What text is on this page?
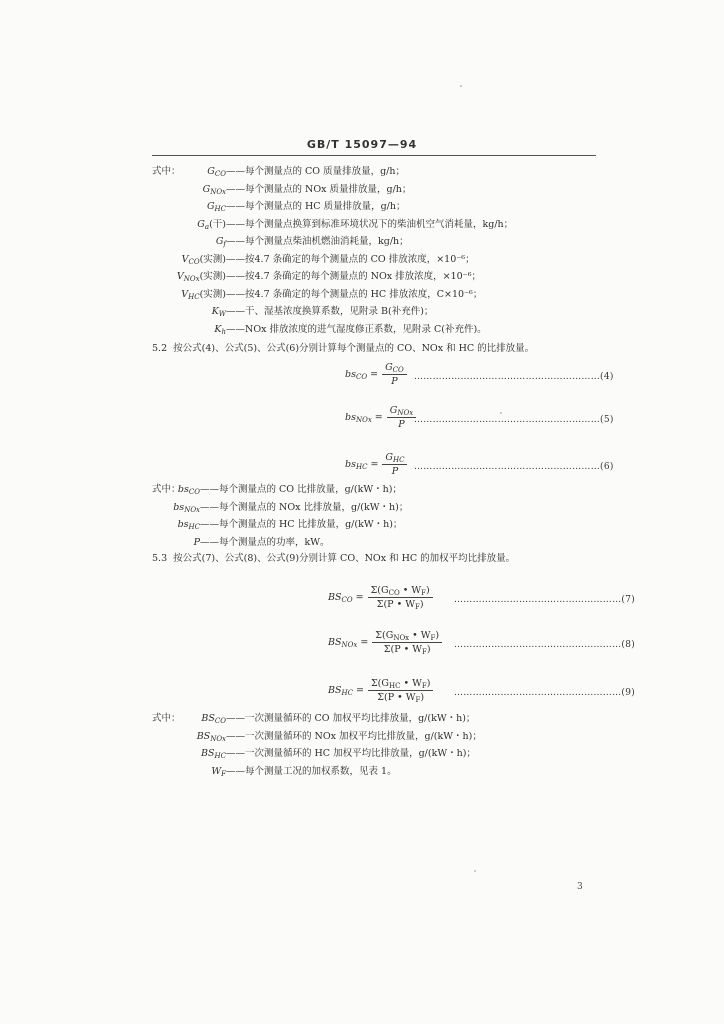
GB/T 15097—94
式中：	$G_{CO}$ ——每个测量点的 CO 质量排放量，g/h；
$G_{NOx}$ ——每个测量点的 NOx 质量排放量，g/h；
$G_{HC}$ ——每个测量点的 HC 质量排放量，g/h；
$G_a$(干) ——每个测量点换算到标准环境状况下的柴油机空气消耗量，kg/h；
$G_f$ ——每个测量点柴油机燃油消耗量，kg/h；
$V_{CO}$(实测) ——按4.7 条确定的每个测量点的 CO 排放浓度，×10⁻⁶；
$V_{NOx}$(实测) ——按4.7 条确定的每个测量点的 NOx 排放浓度，×10⁻⁶；
$V_{HC}$(实测) ——按4.7 条确定的每个测量点的 HC 排放浓度，C×10⁻⁶；
$K_W$ ——干、湿基浓度换算系数，见附录 B(补充件)；
$K_h$ ——NOx 排放浓度的进气湿度修正系数，见附录 C(补充件)。
5.2 按公式(4)、公式(5)、公式(6)分别计算每个测量点的 CO、NOx 和 HC 的比排放量。
$bs_{CO} = \frac{G_{CO}}{P}$ ……………………………………………………(4)
$bs_{NOx} = \frac{G_{NOx}}{P}$
……………………………………………………(5)
$bs_{HC} = \frac{G_{HC}}{P}$ ……………………………………………………(6)
式中：
$bs_{CO}$ ——每个测量点的 CO 比排放量，g/(kW・h)；
$bs_{NOx}$ ——每个测量点的 NOx 比排放量，g/(kW・h)；
$bs_{HC}$ ——每个测量点的 HC 比排放量，g/(kW・h)；
P ——每个测量点的功率，kW。
5.3 按公式(7)、公式(8)、公式(9)分别计算 CO、NOx 和 HC 的加权平均比排放量。
$BS_{CO} = \frac{\Sigma(G_{CO} • W_F)}{\Sigma(P • W_F)}$ ………………………………………………(7)
$BS_{NOx} = \frac{\Sigma(G_{NOx} • W_F)}{\Sigma(P • W_F)}$ ………………………………………………(8)
$BS_{HC} = \frac{\Sigma(G_{HC} • W_F)}{\Sigma(P • W_F)}$ ………………………………………………(9)
式中： $BS_{CO}$ ——一次测量循环的 CO 加权平均比排放量，g/(kW・h)；
$BS_{NOx}$ ——一次测量循环的 NOx 加权平均比排放量，g/(kW・h)；
$BS_{HC}$ ——一次测量循环的 HC 加权平均比排放量，g/(kW・h)；
$W_F$ ——每个测量工况的加权系数，见表 1。
3
